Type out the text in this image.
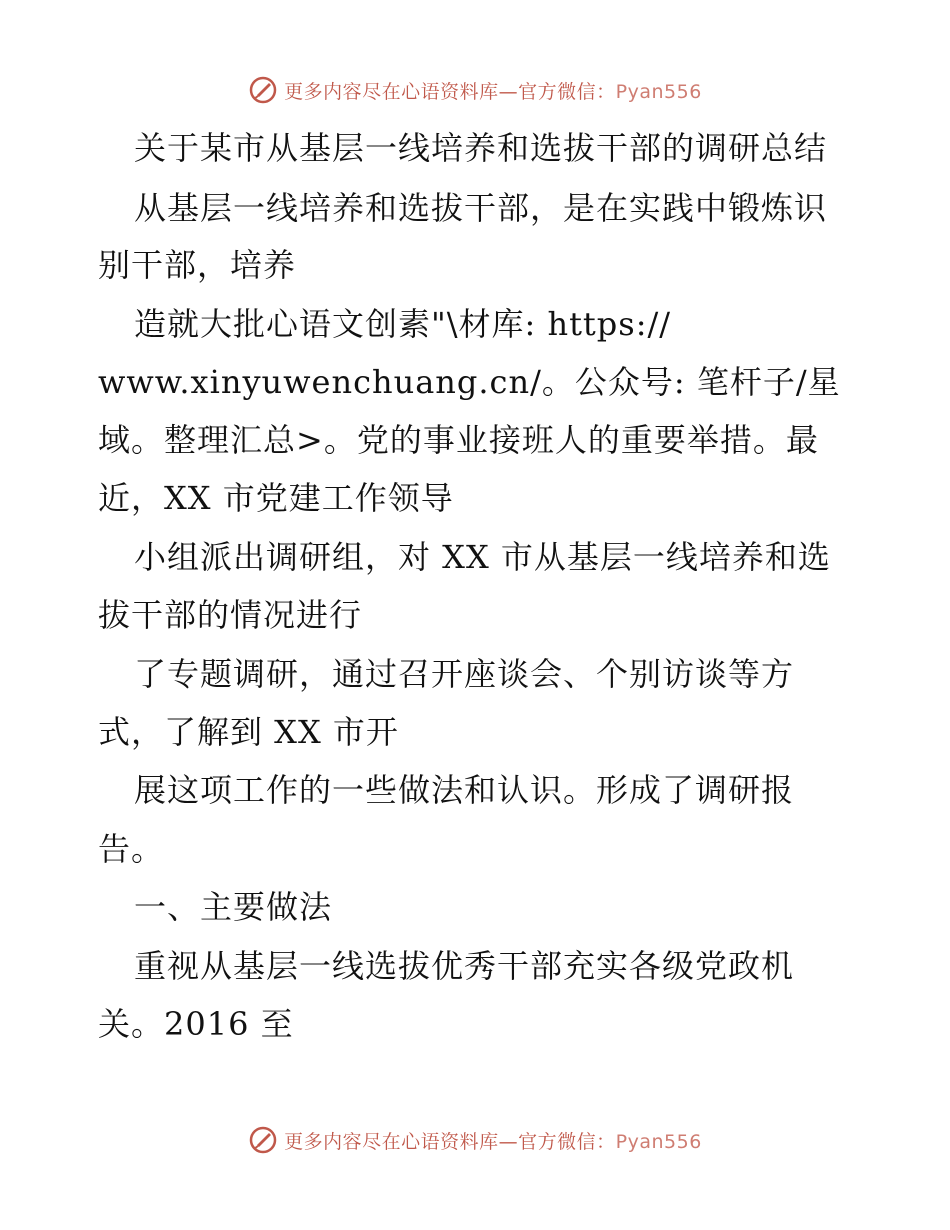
更多内容尽在心语资料库—官方微信：Pyan556
关于某市从基层一线培养和选拔干部的调研总结
从基层一线培养和选拔干部，是在实践中锻炼识
别干部，培养
造就大批心语文创素"\材库: https://
www.xinyuwenchuang.cn/。公众号: 笔杆子/星
域。整理汇总>。党的事业接班人的重要举措。最
近，XX 市党建工作领导
小组派出调研组，对 XX 市从基层一线培养和选
拔干部的情况进行
了专题调研，通过召开座谈会、个别访谈等方
式，了解到 XX 市开
展这项工作的一些做法和认识。形成了调研报
告。
一、主要做法
重视从基层一线选拔优秀干部充实各级党政机
关。2016 至
更多内容尽在心语资料库—官方微信：Pyan556
